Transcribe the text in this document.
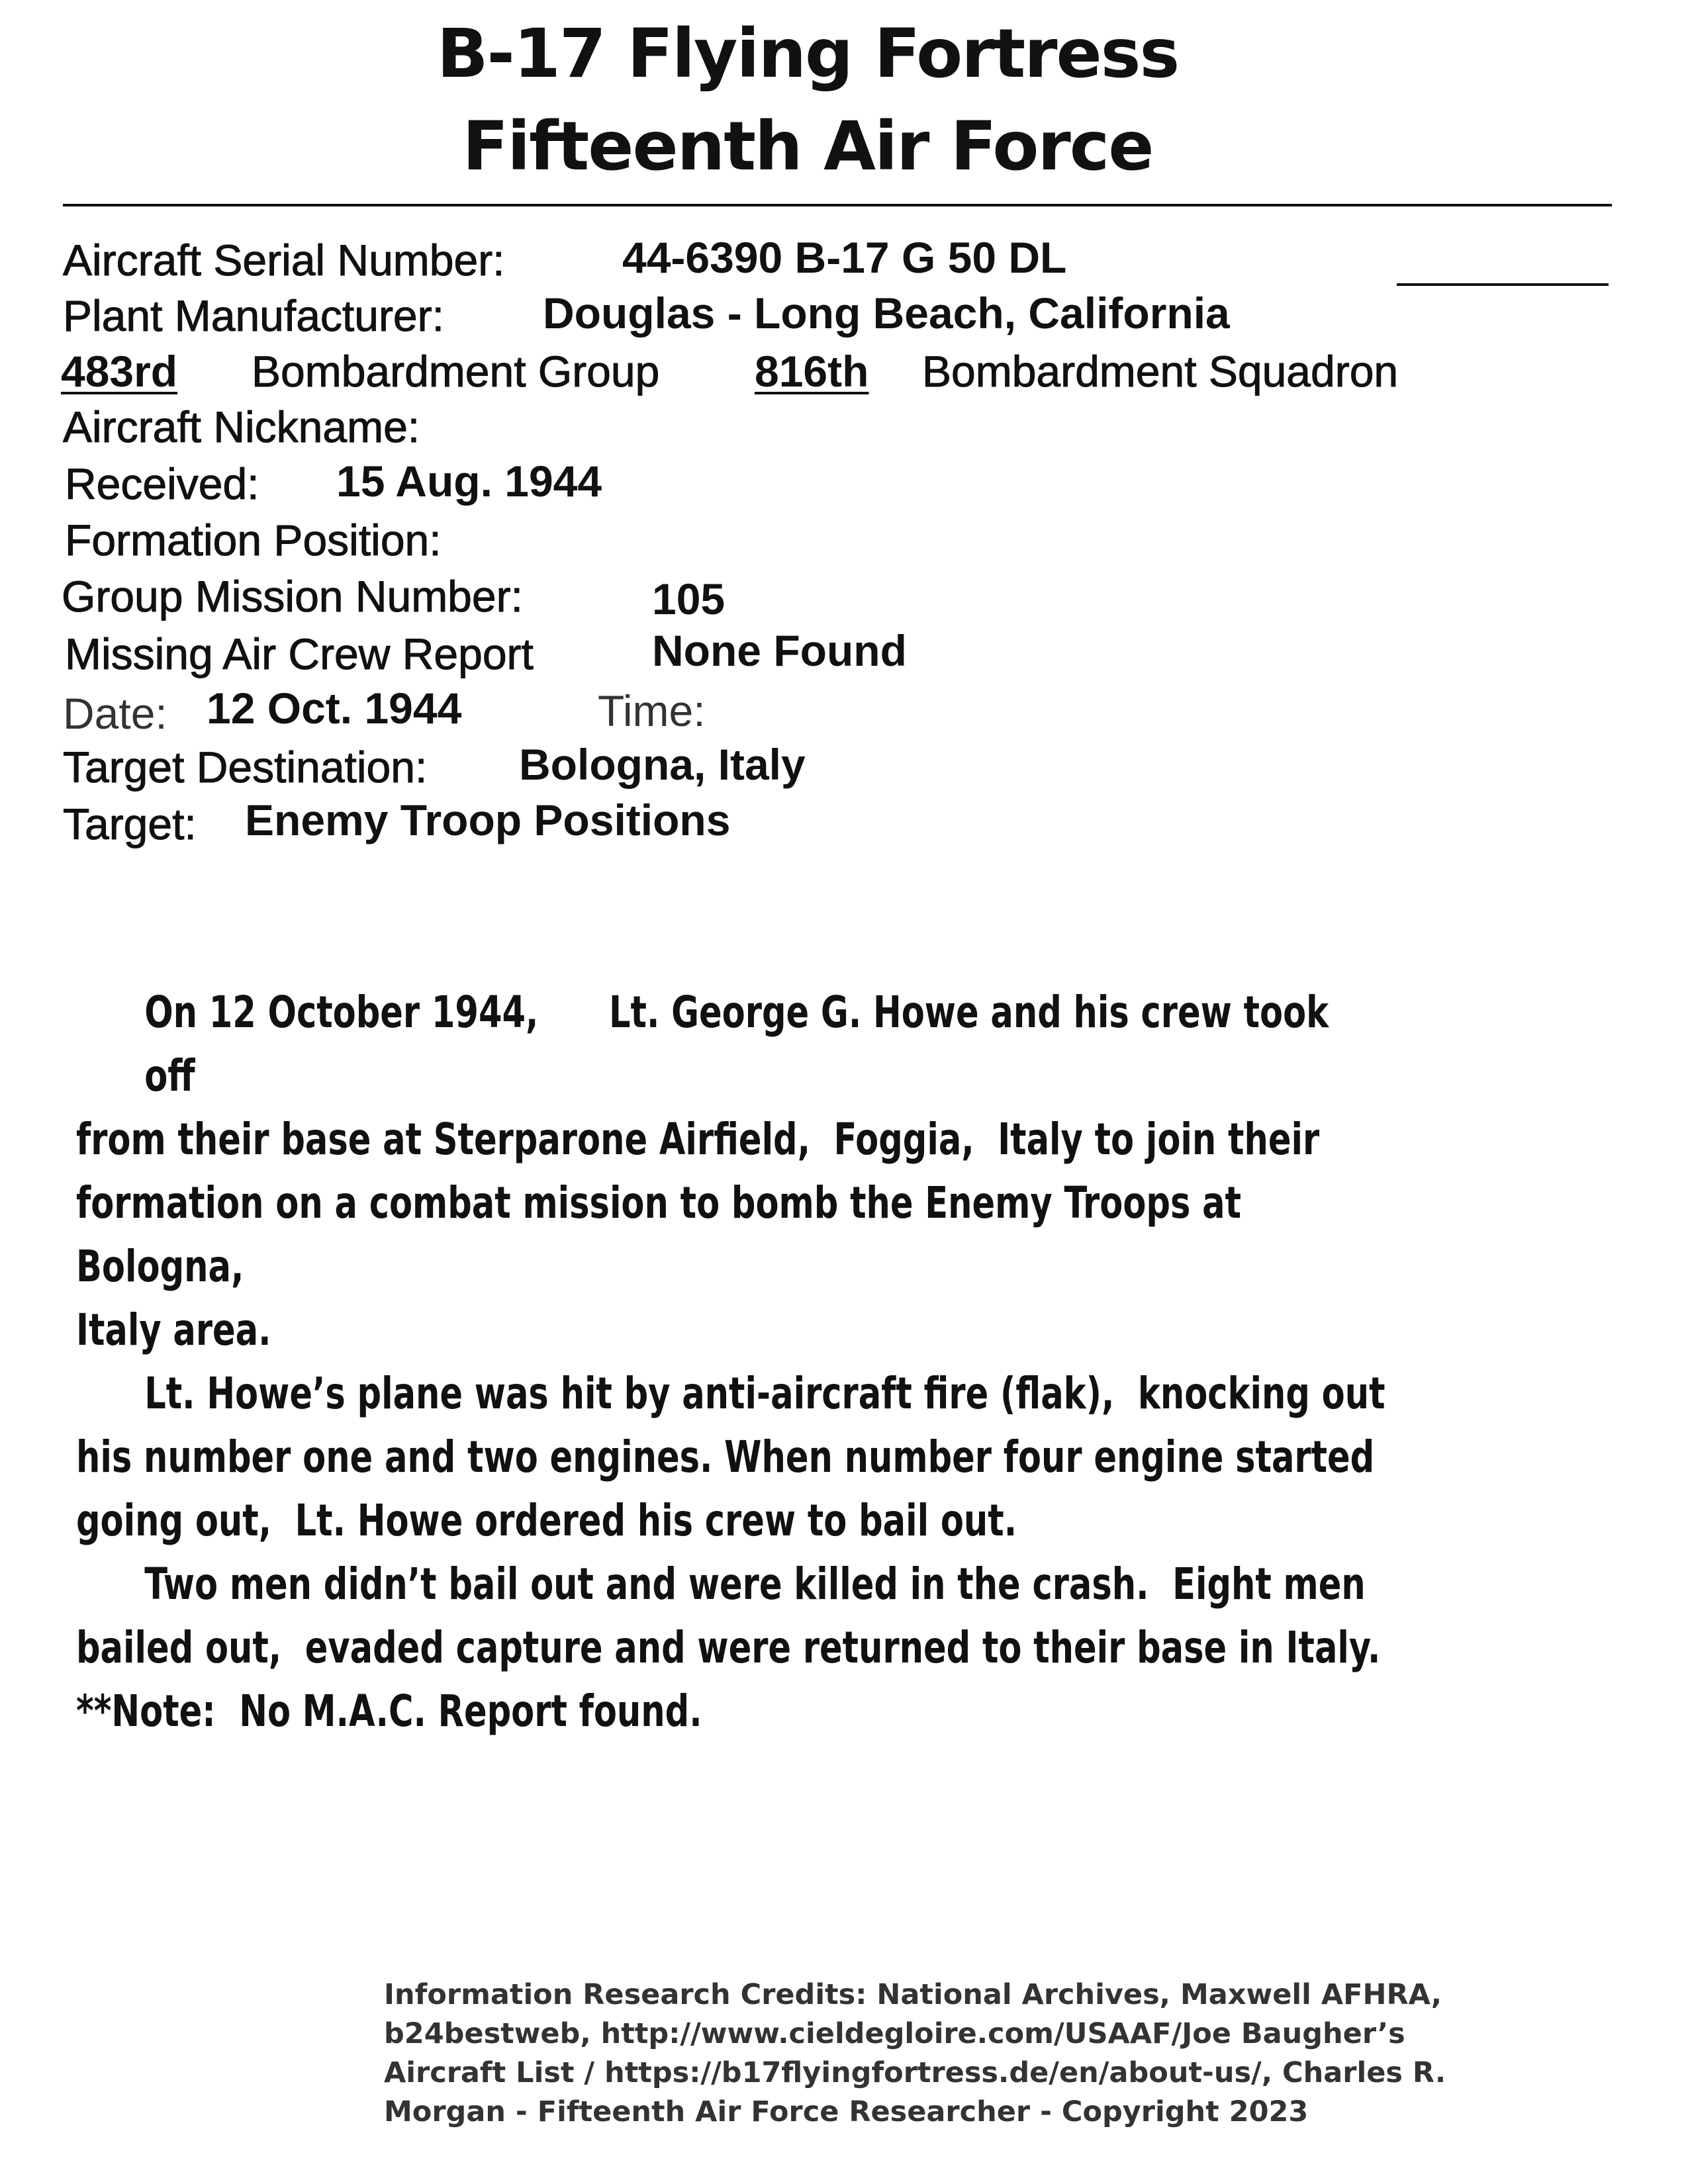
B-17 Flying Fortress
Fifteenth Air Force
Aircraft Serial Number:	44-6390 B-17 G 50 DL
Plant Manufacturer: Douglas - Long Beach, California
483rd	Bombardment Group 816th	Bombardment Squadron
Aircraft Nickname:
Received: 15 Aug. 1944
Formation Position:
Group Mission Number:	105
Missing Air Crew Report	None Found
Date: 12 Oct. 1944	Time:
Target Destination: Bologna, Italy
Target: Enemy Troop Positions

On 12 October 1944,      Lt. George G. Howe and his crew took off

from their base at Sterparone Airfield,  Foggia,  Italy to join their

formation on a combat mission to bomb the Enemy Troops at Bologna,

Italy area.

Lt. Howe’s plane was hit by anti-aircraft fire (flak),  knocking out

his number one and two engines. When number four engine started

going out,  Lt. Howe ordered his crew to bail out.

Two men didn’t bail out and were killed in the crash.  Eight men

bailed out,  evaded capture and were returned to their base in Italy.

**Note:  No M.A.C. Report found.

Information Research Credits: National Archives, Maxwell AFHRA,

b24bestweb, http://www.cieldegloire.com/USAAF/Joe Baugher’s

Aircraft List / https://b17flyingfortress.de/en/about-us/, Charles R.

Morgan - Fifteenth Air Force Researcher - Copyright 2023
